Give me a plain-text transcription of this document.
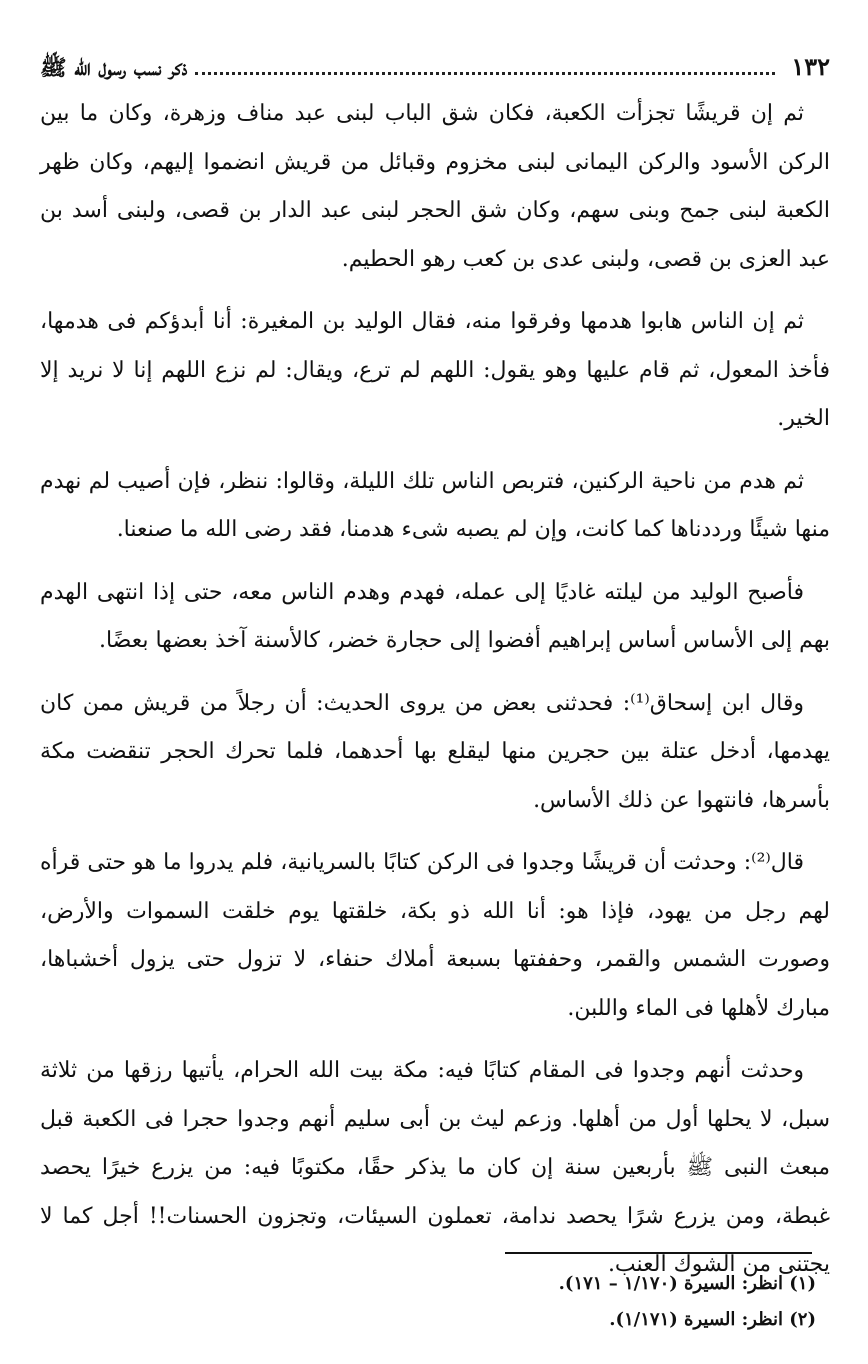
١٣٢
ذكر نسب رسول الله ﷺ

ثم إن قريشًا تجزأت الكعبة، فكان شق الباب لبنى عبد مناف وزهرة، وكان ما بين الركن الأسود والركن اليمانى لبنى مخزوم وقبائل من قريش انضموا إليهم، وكان ظهر الكعبة لبنى جمح وبنى سهم، وكان شق الحجر لبنى عبد الدار بن قصى، ولبنى أسد بن عبد العزى بن قصى، ولبنى عدى بن كعب رهو الحطيم.

ثم إن الناس هابوا هدمها وفرقوا منه، فقال الوليد بن المغيرة: أنا أبدؤكم فى هدمها، فأخذ المعول، ثم قام عليها وهو يقول: اللهم لم ترع، ويقال: لم نزع اللهم إنا لا نريد إلا الخير.

ثم هدم من ناحية الركنين، فتربص الناس تلك الليلة، وقالوا: ننظر، فإن أصيب لم نهدم منها شيئًا ورددناها كما كانت، وإن لم يصبه شىء هدمنا، فقد رضى الله ما صنعنا.

فأصبح الوليد من ليلته غاديًا إلى عمله، فهدم وهدم الناس معه، حتى إذا انتهى الهدم بهم إلى الأساس أساس إبراهيم أفضوا إلى حجارة خضر، كالأسنة آخذ بعضها بعضًا.

وقال ابن إسحاق⁽¹⁾: فحدثنى بعض من يروى الحديث: أن رجلاً من قريش ممن كان يهدمها، أدخل عتلة بين حجرين منها ليقلع بها أحدهما، فلما تحرك الحجر تنقضت مكة بأسرها، فانتهوا عن ذلك الأساس.

قال⁽²⁾: وحدثت أن قريشًا وجدوا فى الركن كتابًا بالسريانية، فلم يدروا ما هو حتى قرأه لهم رجل من يهود، فإذا هو: أنا الله ذو بكة، خلقتها يوم خلقت السموات والأرض، وصورت الشمس والقمر، وحففتها بسبعة أملاك حنفاء، لا تزول حتى يزول أخشباها، مبارك لأهلها فى الماء واللبن.

وحدثت أنهم وجدوا فى المقام كتابًا فيه: مكة بيت الله الحرام، يأتيها رزقها من ثلاثة سبل، لا يحلها أول من أهلها. وزعم ليث بن أبى سليم أنهم وجدوا حجرا فى الكعبة قبل مبعث النبى ﷺ بأربعين سنة إن كان ما يذكر حقًا، مكتوبًا فيه: من يزرع خيرًا يحصد غبطة، ومن يزرع شرًا يحصد ندامة، تعملون السيئات، وتجزون الحسنات!! أجل كما لا يجتنى من الشوك العنب.

(١) انظر: السيرة (١/١٧٠ – ١٧١).

(٢) انظر: السيرة (١/١٧١).
